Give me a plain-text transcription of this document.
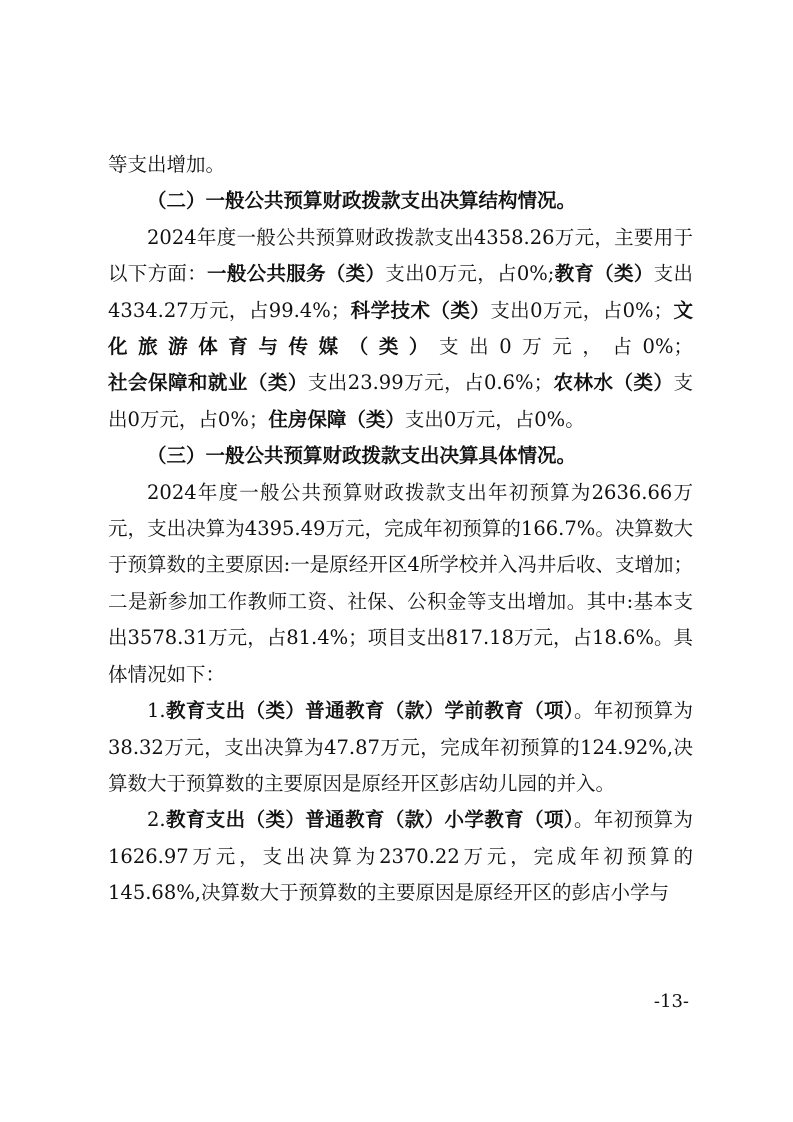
等支出增加。

（二）一般公共预算财政拨款支出决算结构情况。

2024年度一般公共预算财政拨款支出4358.26万元，主要用于以下方面：一般公共服务（类）支出0万元，占0%;教育（类）支出4334.27万元，占99.4%；科学技术（类）支出0万元，占0%；文化旅游体育与传媒（类）支出0万元，占0%；社会保障和就业（类）支出23.99万元，占0.6%；农林水（类）支出0万元，占0%；住房保障（类）支出0万元，占0%。

（三）一般公共预算财政拨款支出决算具体情况。

2024年度一般公共预算财政拨款支出年初预算为2636.66万元，支出决算为4395.49万元，完成年初预算的166.7%。决算数大于预算数的主要原因:一是原经开区4所学校并入冯井后收、支增加；二是新参加工作教师工资、社保、公积金等支出增加。其中:基本支出3578.31万元，占81.4%；项目支出817.18万元，占18.6%。具体情况如下：

1.教育支出（类）普通教育（款）学前教育（项）。年初预算为38.32万元，支出决算为47.87万元，完成年初预算的124.92%,决算数大于预算数的主要原因是原经开区彭店幼儿园的并入。

2.教育支出（类）普通教育（款）小学教育（项）。年初预算为1626.97万元，支出决算为2370.22万元，完成年初预算的145.68%,决算数大于预算数的主要原因是原经开区的彭店小学与

-13-
